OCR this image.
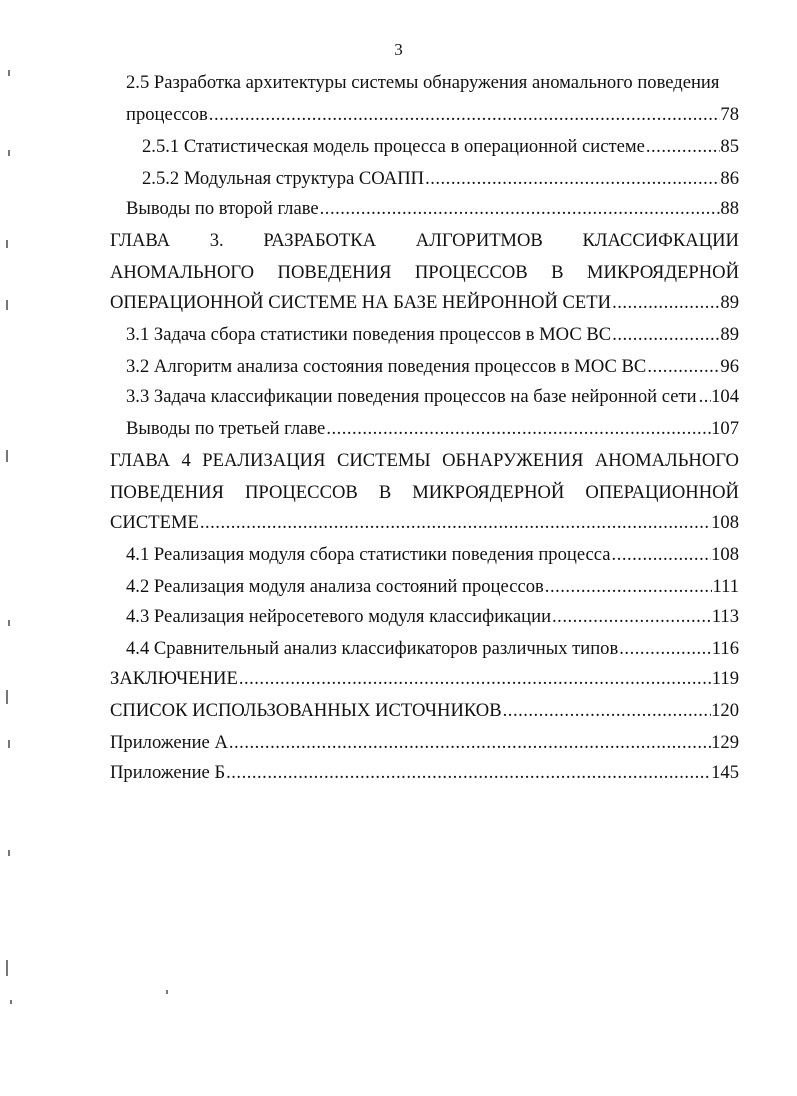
3
2.5 Разработка архитектуры системы обнаружения аномального поведения
процессов .....	78
2.5.1 Статистическая модель процесса в операционной системе .....	85
2.5.2 Модульная структура СОАПП .....	86
Выводы по второй главе .....	88
ГЛАВА 3. РАЗРАБОТКА АЛГОРИТМОВ КЛАССИФКАЦИИ
АНОМАЛЬНОГО ПОВЕДЕНИЯ ПРОЦЕССОВ В МИКРОЯДЕРНОЙ
ОПЕРАЦИОННОЙ СИСТЕМЕ НА БАЗЕ НЕЙРОННОЙ СЕТИ .....	89
3.1 Задача сбора статистики поведения процессов в МОС ВС .....	89
3.2 Алгоритм анализа состояния поведения процессов в МОС ВС .....	96
3.3 Задача классификации поведения процессов на базе нейронной сети ..... 104
Выводы по третьей главе .....	107
ГЛАВА 4 РЕАЛИЗАЦИЯ СИСТЕМЫ ОБНАРУЖЕНИЯ АНОМАЛЬНОГО
ПОВЕДЕНИЯ ПРОЦЕССОВ В МИКРОЯДЕРНОЙ ОПЕРАЦИОННОЙ
СИСТЕМЕ .....	108
4.1 Реализация модуля сбора статистики поведения процесса .....	108
4.2 Реализация модуля анализа состояний процессов .....	111
4.3 Реализация нейросетевого модуля классификации .....	113
4.4 Сравнительный анализ классификаторов различных типов .....	116
ЗАКЛЮЧЕНИЕ .....	119
СПИСОК ИСПОЛЬЗОВАННЫХ ИСТОЧНИКОВ .....	120
Приложение А .....	129
Приложение Б .....	145
